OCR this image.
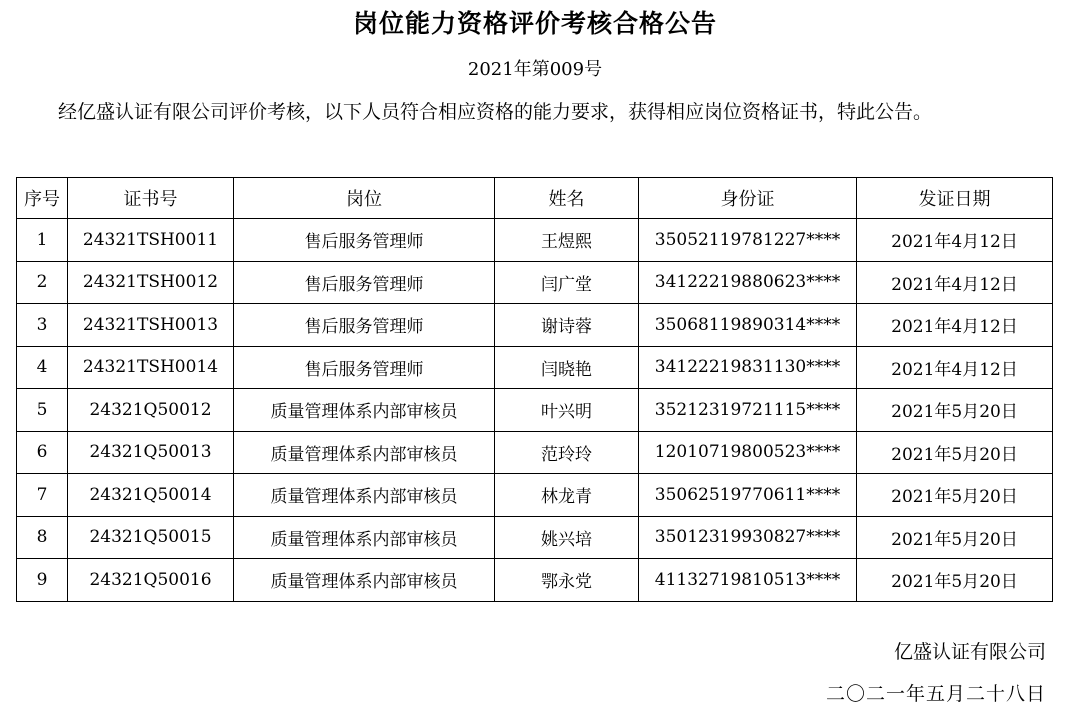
岗位能力资格评价考核合格公告
2021年第009号

经亿盛认证有限公司评价考核，以下人员符合相应资格的能力要求，获得相应岗位资格证书，特此公告。

序号	证书号	岗位	姓名	身份证	发证日期
1	24321TSH0011	售后服务管理师	王煜熙	35052119781227****	2021年4月12日
2	24321TSH0012	售后服务管理师	闫广堂	34122219880623****	2021年4月12日
3	24321TSH0013	售后服务管理师	谢诗蓉	35068119890314****	2021年4月12日
4	24321TSH0014	售后服务管理师	闫晓艳	34122219831130****	2021年4月12日
5	24321Q50012	质量管理体系内部审核员	叶兴明	35212319721115****	2021年5月20日
6	24321Q50013	质量管理体系内部审核员	范玲玲	12010719800523****	2021年5月20日
7	24321Q50014	质量管理体系内部审核员	林龙青	35062519770611****	2021年5月20日
8	24321Q50015	质量管理体系内部审核员	姚兴培	35012319930827****	2021年5月20日
9	24321Q50016	质量管理体系内部审核员	鄂永党	41132719810513****	2021年5月20日
亿盛认证有限公司
二〇二一年五月二十八日
